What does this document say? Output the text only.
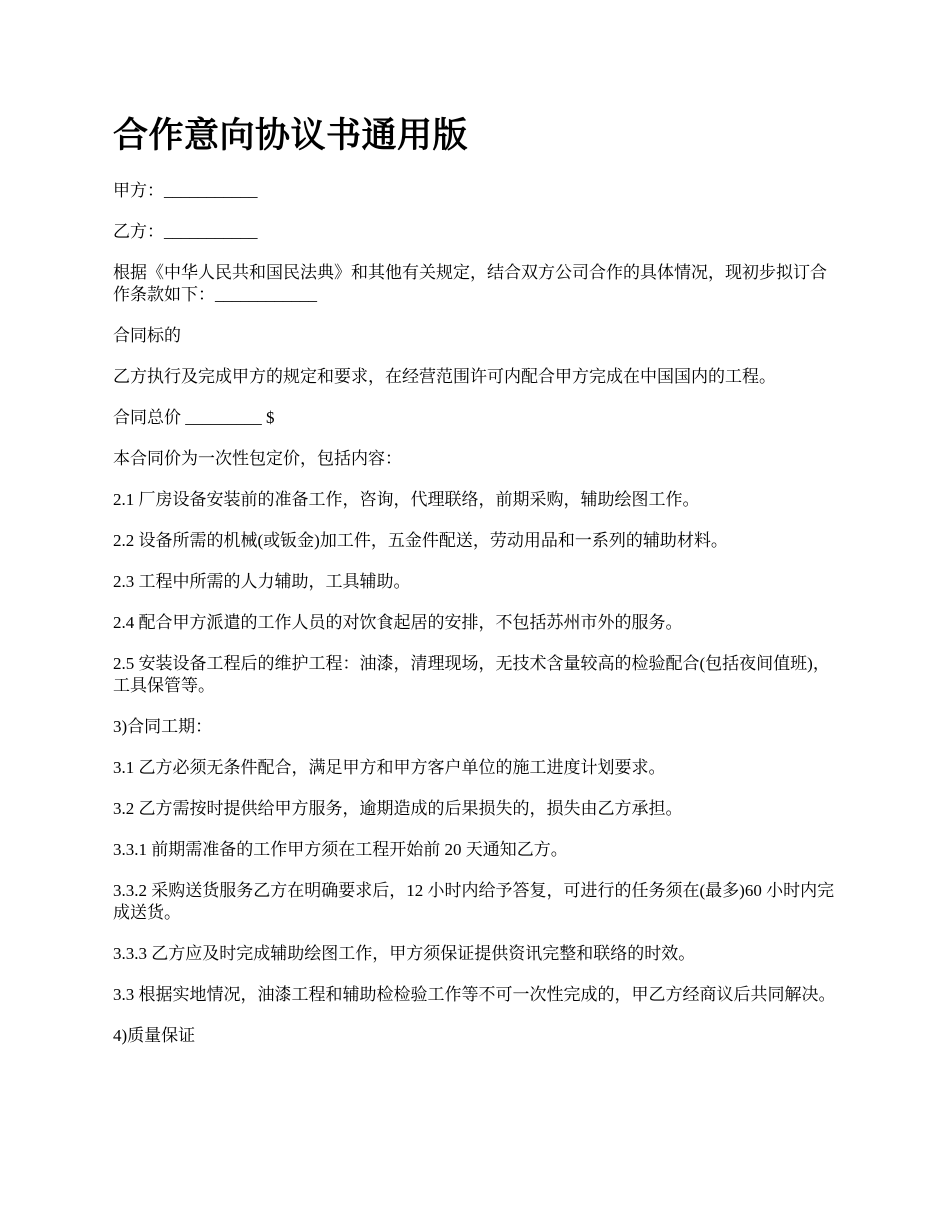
合作意向协议书通用版

甲方：___________

乙方：___________

根据《中华人民共和国民法典》和其他有关规定，结合双方公司合作的具体情况，现初步拟订合作条款如下：____________

合同标的

乙方执行及完成甲方的规定和要求，在经营范围许可内配合甲方完成在中国国内的工程。

合同总价 _________ $

本合同价为一次性包定价，包括内容：

2.1 厂房设备安装前的准备工作，咨询，代理联络，前期采购，辅助绘图工作。

2.2 设备所需的机械(或钣金)加工件，五金件配送，劳动用品和一系列的辅助材料。

2.3 工程中所需的人力辅助，工具辅助。

2.4 配合甲方派遣的工作人员的对饮食起居的安排，不包括苏州市外的服务。

2.5 安装设备工程后的维护工程：油漆，清理现场，无技术含量较高的检验配合(包括夜间值班)，工具保管等。

3)合同工期：

3.1 乙方必须无条件配合，满足甲方和甲方客户单位的施工进度计划要求。

3.2 乙方需按时提供给甲方服务，逾期造成的后果损失的，损失由乙方承担。

3.3.1 前期需准备的工作甲方须在工程开始前 20 天通知乙方。

3.3.2 采购送货服务乙方在明确要求后，12 小时内给予答复，可进行的任务须在(最多)60 小时内完成送货。

3.3.3 乙方应及时完成辅助绘图工作，甲方须保证提供资讯完整和联络的时效。

3.3 根据实地情况，油漆工程和辅助检检验工作等不可一次性完成的，甲乙方经商议后共同解决。

4)质量保证
